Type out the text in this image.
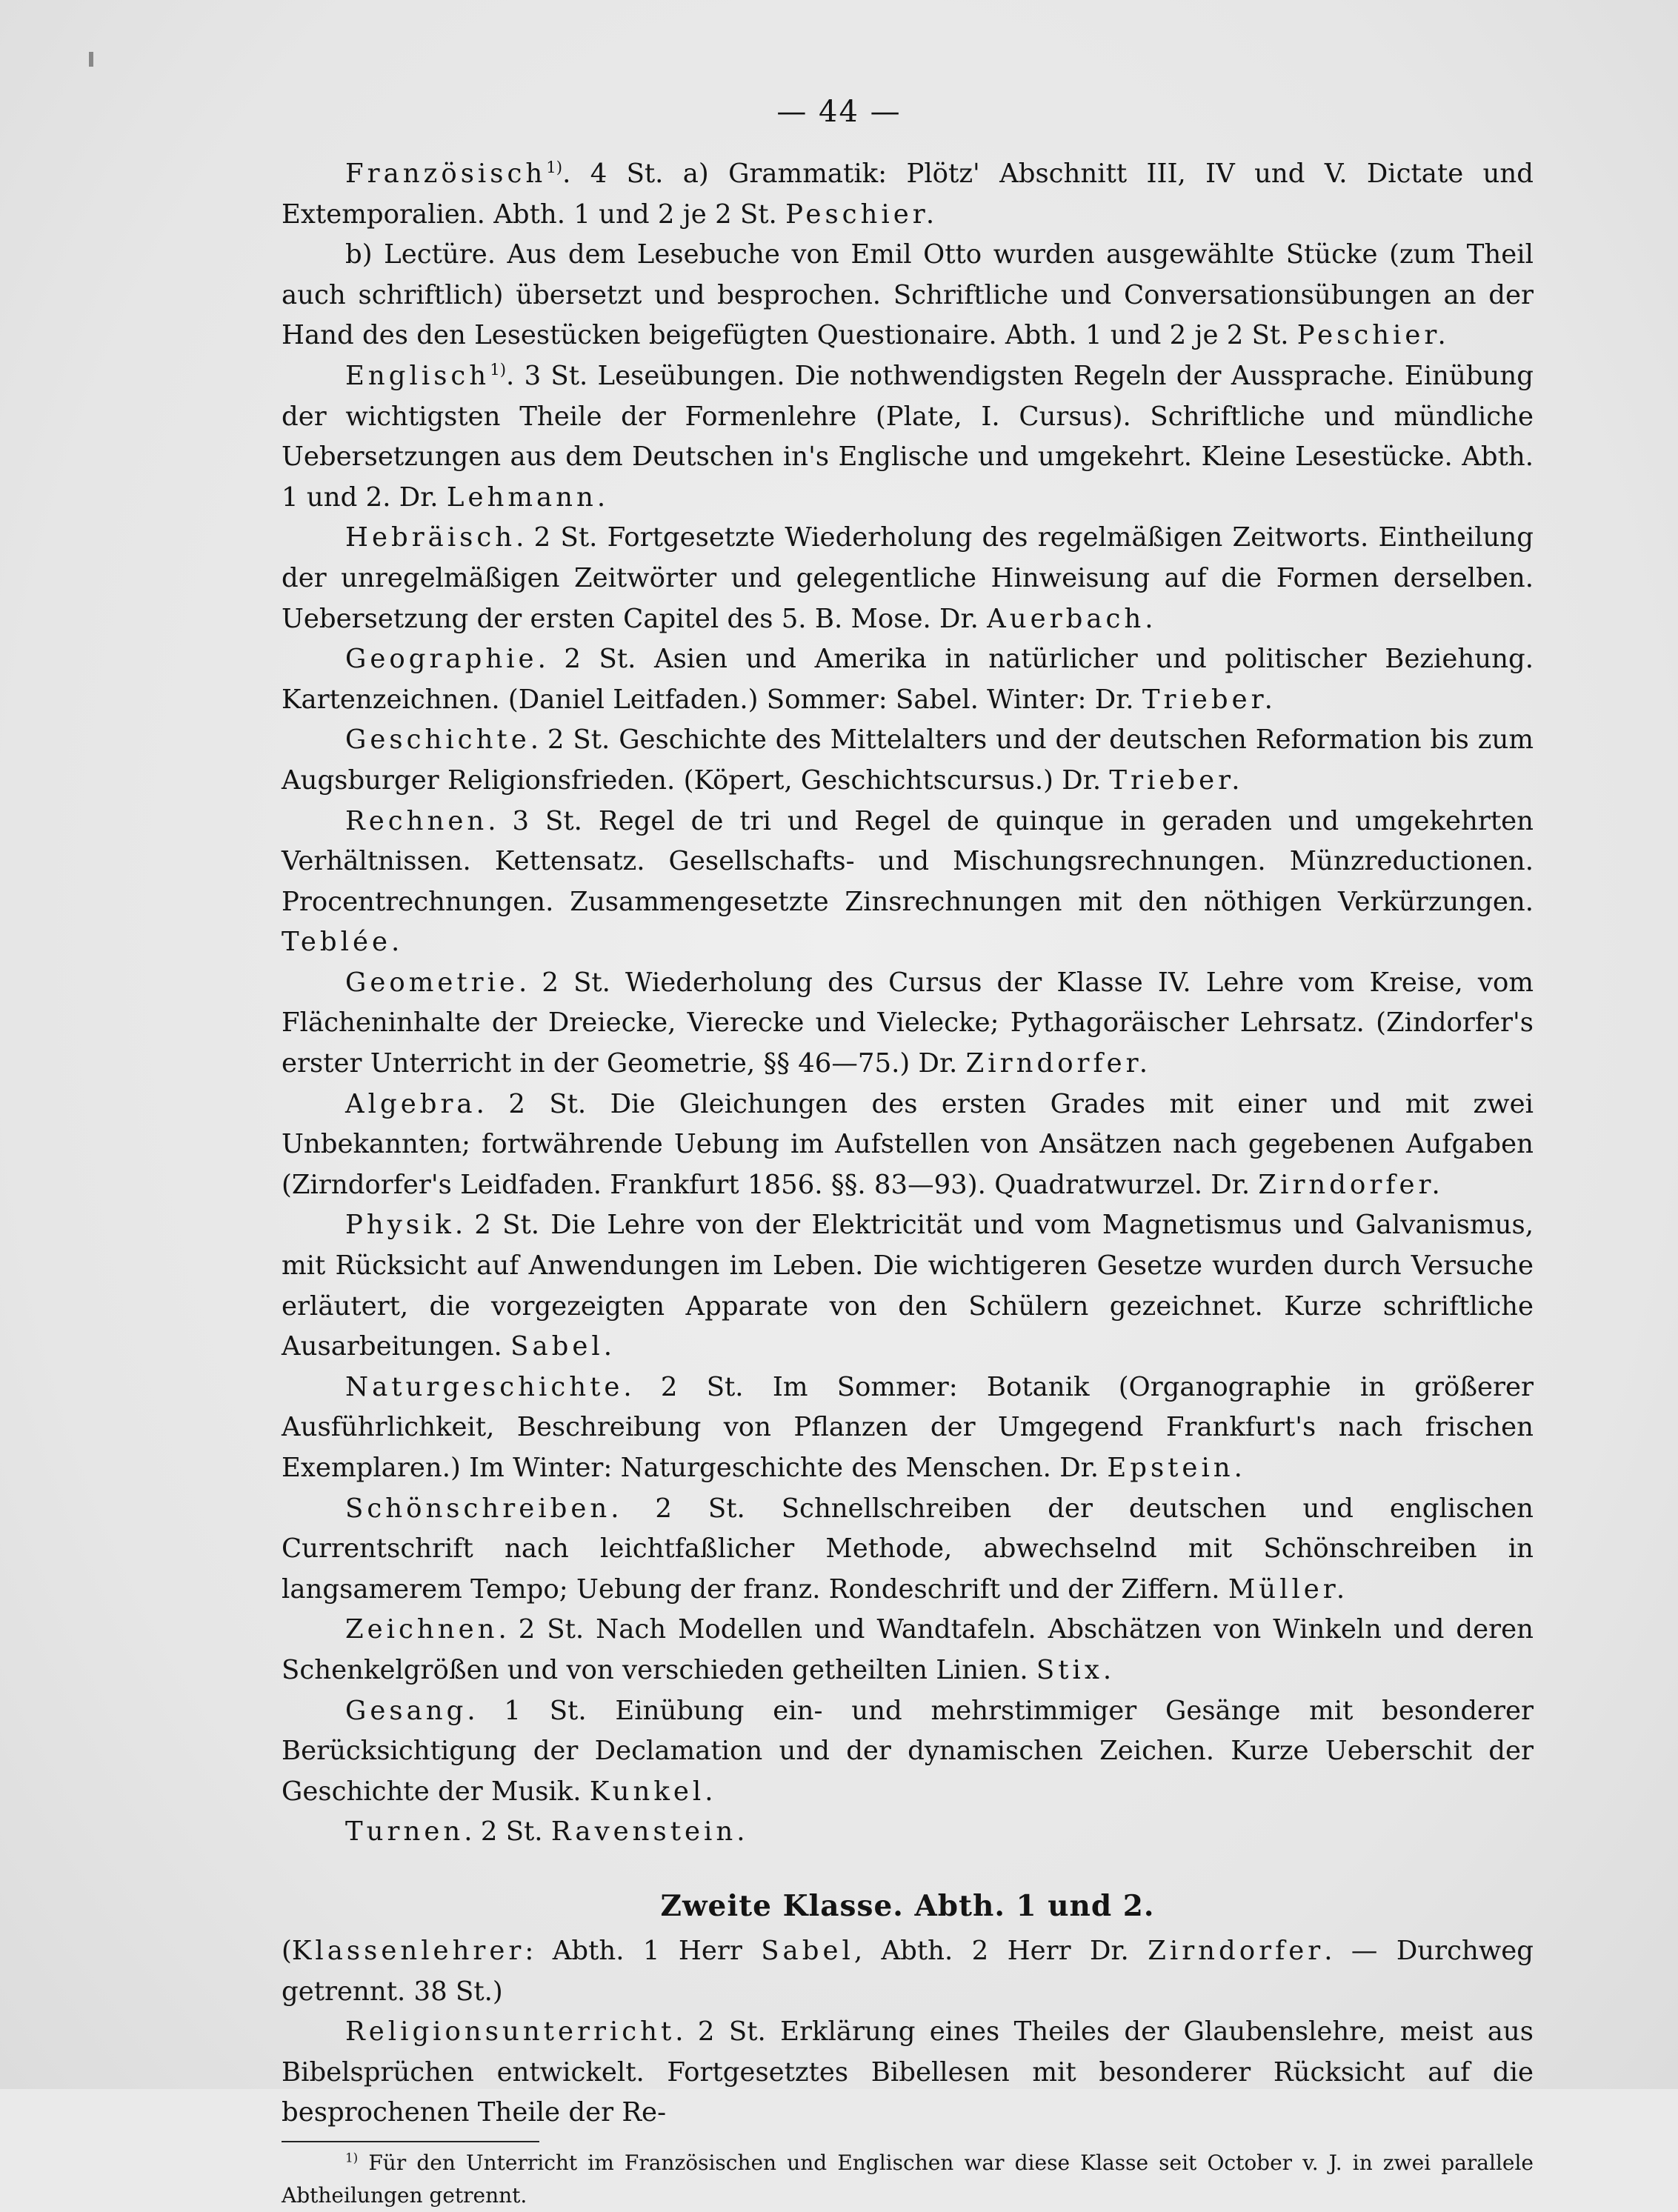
— 44 —

Französisch$^{1)}$. 4 St. a) Grammatik: Plötz' Abschnitt III, IV und V. Dictate und Extemporalien. Abth. 1 und 2 je 2 St. Peschier.

b) Lectüre. Aus dem Lesebuche von Emil Otto wurden ausgewählte Stücke (zum Theil auch schriftlich) übersetzt und besprochen. Schriftliche und Conversationsübungen an der Hand des den Lesestücken beigefügten Questionaire. Abth. 1 und 2 je 2 St. Peschier.

Englisch$^{1)}$. 3 St. Leseübungen. Die nothwendigsten Regeln der Aussprache. Einübung der wichtigsten Theile der Formenlehre (Plate, I. Cursus). Schriftliche und mündliche Uebersetzungen aus dem Deutschen in's Englische und umgekehrt. Kleine Lesestücke. Abth. 1 und 2. Dr. Lehmann.

Hebräisch. 2 St. Fortgesetzte Wiederholung des regelmäßigen Zeitworts. Eintheilung der unregelmäßigen Zeitwörter und gelegentliche Hinweisung auf die Formen derselben. Uebersetzung der ersten Capitel des 5. B. Mose. Dr. Auerbach.

Geographie. 2 St. Asien und Amerika in natürlicher und politischer Beziehung. Kartenzeichnen. (Daniel Leitfaden.) Sommer: Sabel. Winter: Dr. Trieber.

Geschichte. 2 St. Geschichte des Mittelalters und der deutschen Reformation bis zum Augsburger Religionsfrieden. (Köpert, Geschichtscursus.) Dr. Trieber.

Rechnen. 3 St. Regel de tri und Regel de quinque in geraden und umgekehrten Verhältnissen. Kettensatz. Gesellschafts- und Mischungsrechnungen. Münzreductionen. Procentrechnungen. Zusammengesetzte Zinsrechnungen mit den nöthigen Verkürzungen. Teblée.

Geometrie. 2 St. Wiederholung des Cursus der Klasse IV. Lehre vom Kreise, vom Flächeninhalte der Dreiecke, Vierecke und Vielecke; Pythagoräischer Lehrsatz. (Zindorfer's erster Unterricht in der Geometrie, §§ 46—75.) Dr. Zirndorfer.

Algebra. 2 St. Die Gleichungen des ersten Grades mit einer und mit zwei Unbekannten; fortwährende Uebung im Aufstellen von Ansätzen nach gegebenen Aufgaben (Zirndorfer's Leidfaden. Frankfurt 1856. §§. 83—93). Quadratwurzel. Dr. Zirndorfer.

Physik. 2 St. Die Lehre von der Elektricität und vom Magnetismus und Galvanismus, mit Rücksicht auf Anwendungen im Leben. Die wichtigeren Gesetze wurden durch Versuche erläutert, die vorgezeigten Apparate von den Schülern gezeichnet. Kurze schriftliche Ausarbeitungen. Sabel.

Naturgeschichte. 2 St. Im Sommer: Botanik (Organographie in größerer Ausführlichkeit, Beschreibung von Pflanzen der Umgegend Frankfurt's nach frischen Exemplaren.) Im Winter: Naturgeschichte des Menschen. Dr. Epstein.

Schönschreiben. 2 St. Schnellschreiben der deutschen und englischen Currentschrift nach leichtfaßlicher Methode, abwechselnd mit Schönschreiben in langsamerem Tempo; Uebung der franz. Rondeschrift und der Ziffern. Müller.

Zeichnen. 2 St. Nach Modellen und Wandtafeln. Abschätzen von Winkeln und deren Schenkelgrößen und von verschieden getheilten Linien. Stix.

Gesang. 1 St. Einübung ein- und mehrstimmiger Gesänge mit besonderer Berücksichtigung der Declamation und der dynamischen Zeichen. Kurze Ueberschit der Geschichte der Musik. Kunkel.

Turnen. 2 St. Ravenstein.

Zweite Klasse. Abth. 1 und 2.

(Klassenlehrer: Abth. 1 Herr Sabel, Abth. 2 Herr Dr. Zirndorfer. — Durchweg getrennt. 38 St.)

Religionsunterricht. 2 St. Erklärung eines Theiles der Glaubenslehre, meist aus Bibelsprüchen entwickelt. Fortgesetztes Bibellesen mit besonderer Rücksicht auf die besprochenen Theile der Re-

$^{1)}$ Für den Unterricht im Französischen und Englischen war diese Klasse seit October v. J. in zwei parallele Abtheilungen getrennt.
